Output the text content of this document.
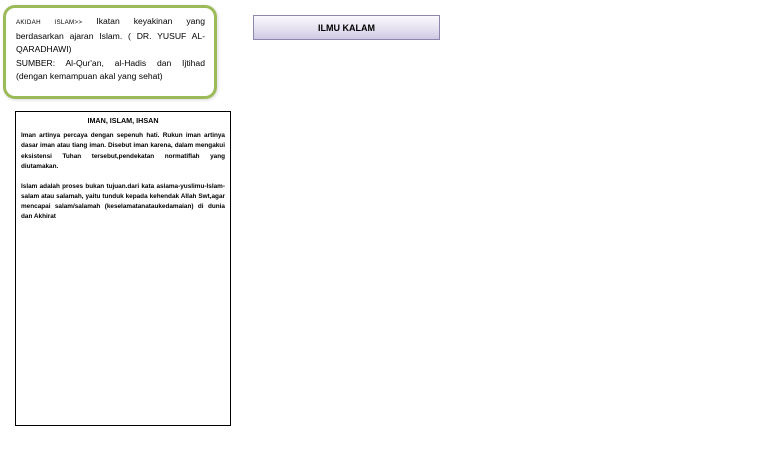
AKIDAH ISLAM>> Ikatan keyakinan yang berdasarkan ajaran Islam. ( DR. YUSUF AL-QARADHAWI)

SUMBER: Al-Qur'an, al-Hadis dan Ijtihad (dengan kemampuan akal yang sehat)

ILMU KALAM
IMAN, ISLAM, IHSAN

Iman artinya percaya dengan sepenuh hati. Rukun iman artinya dasar iman atau tiang iman. Disebut iman karena, dalam mengakui eksistensi Tuhan tersebut,pendekatan normatiflah yang diutamakan.

Islam adalah proses bukan tujuan.dari kata aslama-yuslimu-Islam-salam atau salamah, yaitu tunduk kepada kehendak Allah Swt,agar mencapai salam/salamah (keselamatanataukedamaian) di dunia dan Akhirat
